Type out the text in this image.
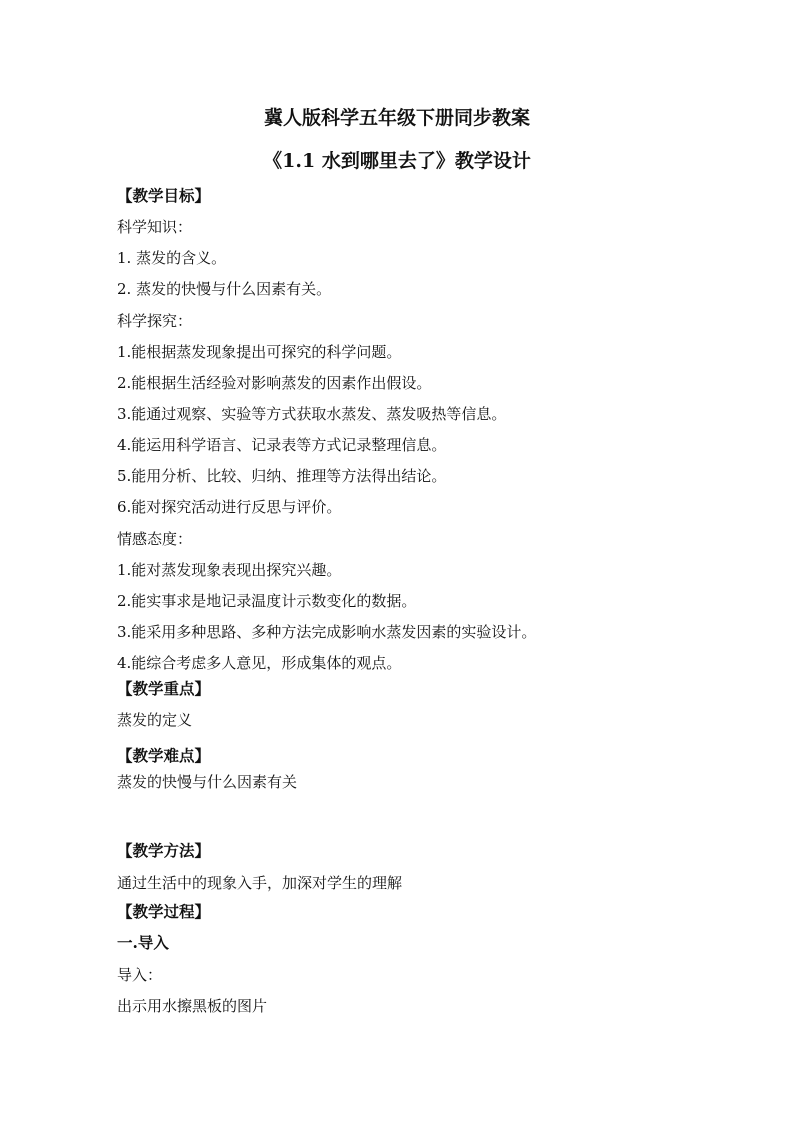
冀人版科学五年级下册同步教案
《1.1 水到哪里去了》教学设计
【教学目标】
科学知识：
1. 蒸发的含义。
2. 蒸发的快慢与什么因素有关。
科学探究：
1.能根据蒸发现象提出可探究的科学问题。
2.能根据生活经验对影响蒸发的因素作出假设。
3.能通过观察、实验等方式获取水蒸发、蒸发吸热等信息。
4.能运用科学语言、记录表等方式记录整理信息。
5.能用分析、比较、归纳、推理等方法得出结论。
6.能对探究活动进行反思与评价。
情感态度：
1.能对蒸发现象表现出探究兴趣。
2.能实事求是地记录温度计示数变化的数据。
3.能采用多种思路、多种方法完成影响水蒸发因素的实验设计。
4.能综合考虑多人意见，形成集体的观点。
【教学重点】
蒸发的定义
【教学难点】
蒸发的快慢与什么因素有关
【教学方法】
通过生活中的现象入手，加深对学生的理解
【教学过程】
一.导入
导入：
出示用水擦黑板的图片
